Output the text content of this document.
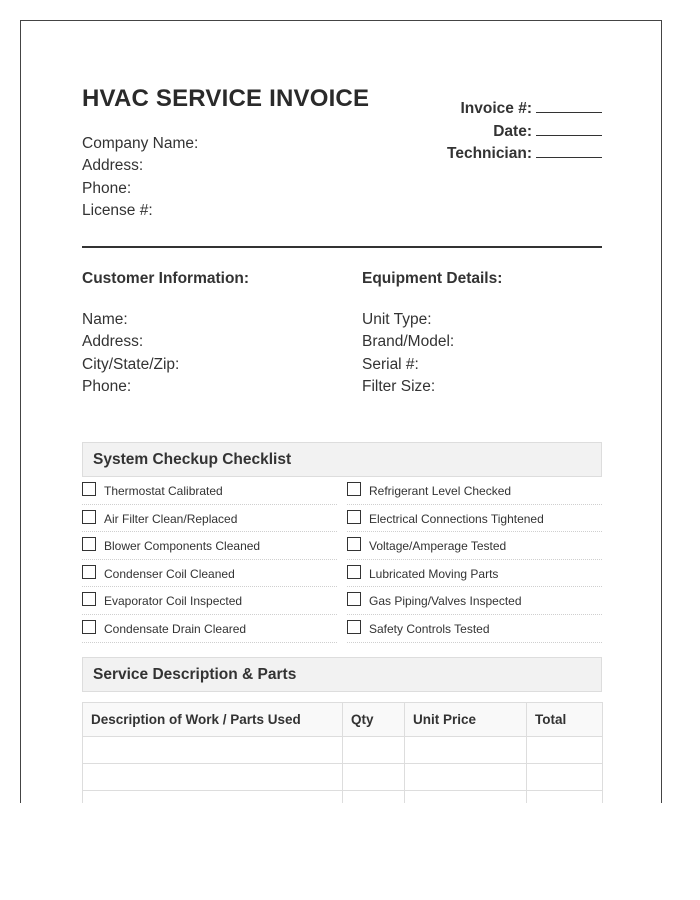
HVAC SERVICE INVOICE
Company Name:
Address:
Phone:
License #:
Invoice #:
Date:
Technician:
Customer Information:
Name:
Address:
City/State/Zip:
Phone:
Equipment Details:
Unit Type:
Brand/Model:
Serial #:
Filter Size:
System Checkup Checklist
Thermostat Calibrated
Air Filter Clean/Replaced
Blower Components Cleaned
Condenser Coil Cleaned
Evaporator Coil Inspected
Condensate Drain Cleared
Refrigerant Level Checked
Electrical Connections Tightened
Voltage/Amperage Tested
Lubricated Moving Parts
Gas Piping/Valves Inspected
Safety Controls Tested
Service Description & Parts
Description of Work / Parts Used	Qty	Unit Price	Total
